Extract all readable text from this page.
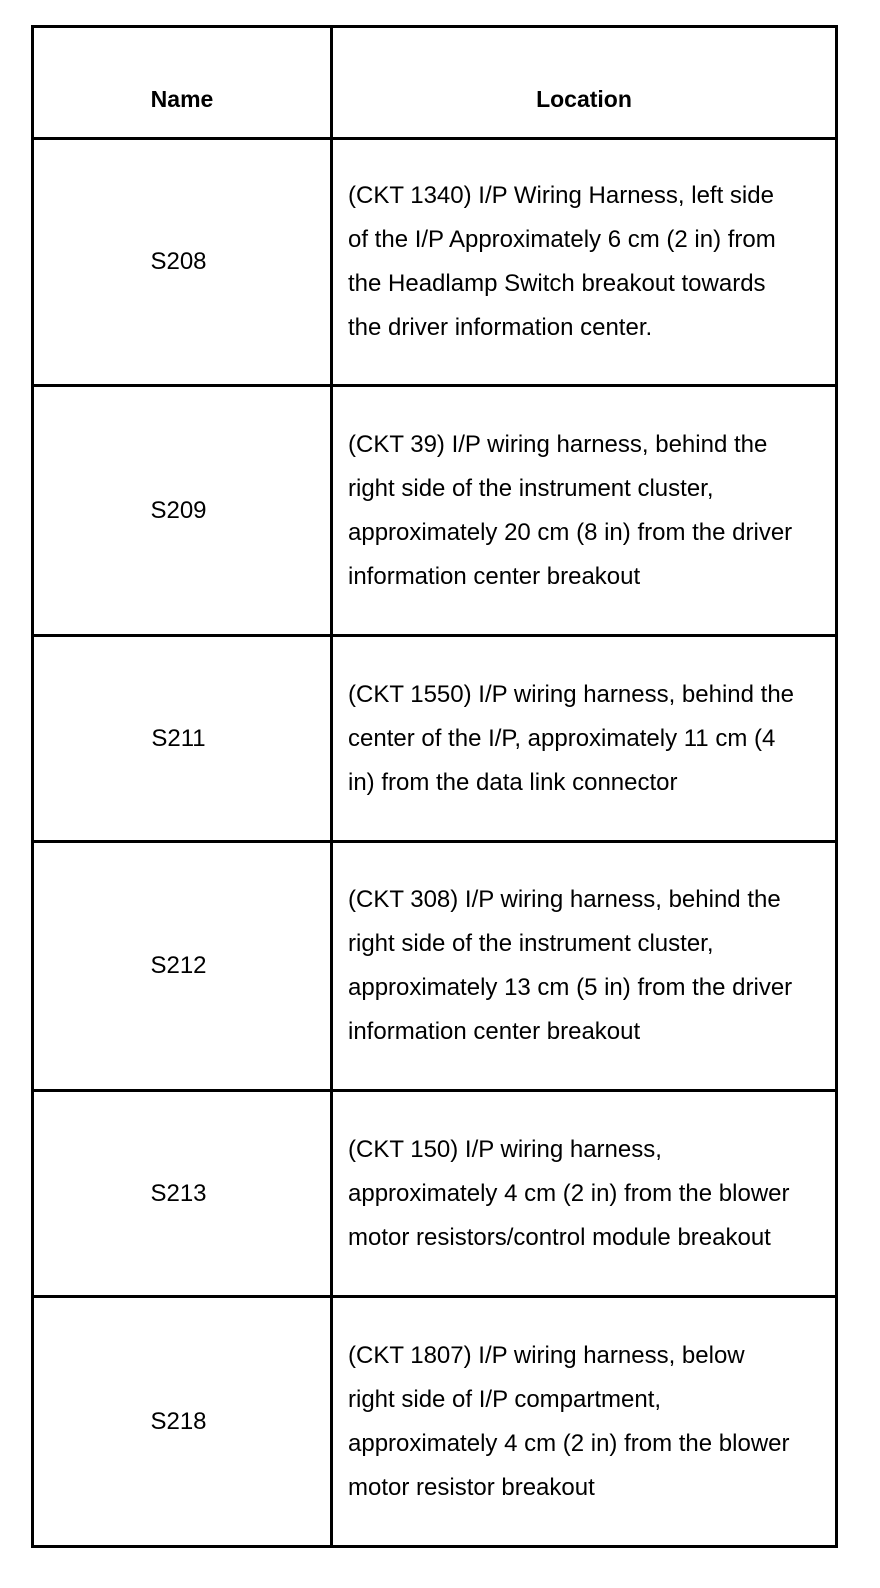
Name	Location
S208	(CKT 1340) I/P Wiring Harness, left side of the I/P Approximately 6 cm (2 in) from the Headlamp Switch breakout towards the driver information center.
S209	(CKT 39) I/P wiring harness, behind the right side of the instrument cluster, approximately 20 cm (8 in) from the driver information center breakout
S211	(CKT 1550) I/P wiring harness, behind the center of the I/P, approximately 11 cm (4 in) from the data link connector
S212	(CKT 308) I/P wiring harness, behind the right side of the instrument cluster, approximately 13 cm (5 in) from the driver information center breakout
S213	(CKT 150) I/P wiring harness, approximately 4 cm (2 in) from the blower motor resistors/control module breakout
S218	(CKT 1807) I/P wiring harness, below right side of I/P compartment, approximately 4 cm (2 in) from the blower motor resistor breakout
